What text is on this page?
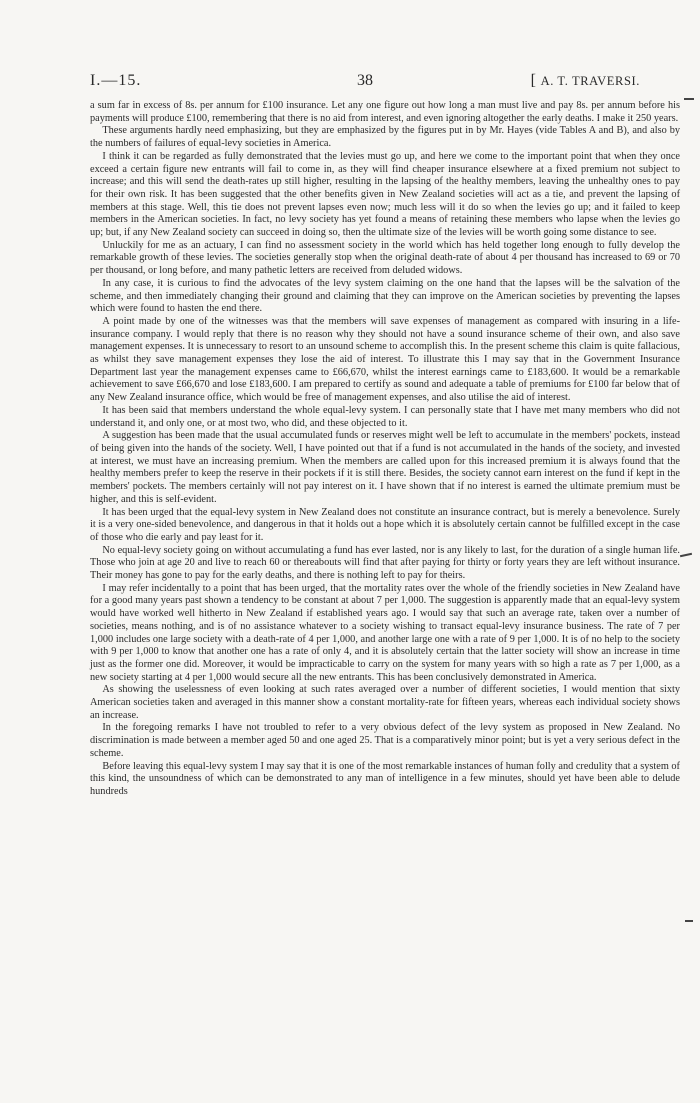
I.—15.	38
[	A. T. TRAVERSI.

a sum far in excess of 8s. per annum for £100 insurance. Let any one figure out how long a man must live and pay 8s. per annum before his payments will produce £100, remembering that there is no aid from interest, and even ignoring altogether the early deaths. I make it 250 years.

These arguments hardly need emphasizing, but they are emphasized by the figures put in by Mr. Hayes (vide Tables A and B), and also by the numbers of failures of equal-levy societies in America.

I think it can be regarded as fully demonstrated that the levies must go up, and here we come to the important point that when they once exceed a certain figure new entrants will fail to come in, as they will find cheaper insurance elsewhere at a fixed premium not subject to increase; and this will send the death-rates up still higher, resulting in the lapsing of the healthy members, leaving the unhealthy ones to pay for their own risk. It has been suggested that the other benefits given in New Zealand societies will act as a tie, and prevent the lapsing of members at this stage. Well, this tie does not prevent lapses even now; much less will it do so when the levies go up; and it failed to keep members in the American societies. In fact, no levy society has yet found a means of retaining these members who lapse when the levies go up; but, if any New Zealand society can succeed in doing so, then the ultimate size of the levies will be worth going some distance to see.

Unluckily for me as an actuary, I can find no assessment society in the world which has held together long enough to fully develop the remarkable growth of these levies. The societies generally stop when the original death-rate of about 4 per thousand has increased to 69 or 70 per thousand, or long before, and many pathetic letters are received from deluded widows.

In any case, it is curious to find the advocates of the levy system claiming on the one hand that the lapses will be the salvation of the scheme, and then immediately changing their ground and claiming that they can improve on the American societies by preventing the lapses which were found to hasten the end there.

A point made by one of the witnesses was that the members will save expenses of management as compared with insuring in a life-insurance company. I would reply that there is no reason why they should not have a sound insurance scheme of their own, and also save management expenses. It is unnecessary to resort to an unsound scheme to accomplish this. In the present scheme this claim is quite fallacious, as whilst they save management expenses they lose the aid of interest. To illustrate this I may say that in the Government Insurance Department last year the management expenses came to £66,670, whilst the interest earnings came to £183,600. It would be a remarkable achievement to save £66,670 and lose £183,600. I am prepared to certify as sound and adequate a table of premiums for £100 far below that of any New Zealand insurance office, which would be free of management expenses, and also utilise the aid of interest.

It has been said that members understand the whole equal-levy system. I can personally state that I have met many members who did not understand it, and only one, or at most two, who did, and these objected to it.

A suggestion has been made that the usual accumulated funds or reserves might well be left to accumulate in the members' pockets, instead of being given into the hands of the society. Well, I have pointed out that if a fund is not accumulated in the hands of the society, and invested at interest, we must have an increasing premium. When the members are called upon for this increased premium it is always found that the healthy members prefer to keep the reserve in their pockets if it is still there. Besides, the society cannot earn interest on the fund if kept in the members' pockets. The members certainly will not pay interest on it. I have shown that if no interest is earned the ultimate premium must be higher, and this is self-evident.

It has been urged that the equal-levy system in New Zealand does not constitute an insurance contract, but is merely a benevolence. Surely it is a very one-sided benevolence, and dangerous in that it holds out a hope which it is absolutely certain cannot be fulfilled except in the case of those who die early and pay least for it.

No equal-levy society going on without accumulating a fund has ever lasted, nor is any likely to last, for the duration of a single human life. Those who join at age 20 and live to reach 60 or thereabouts will find that after paying for thirty or forty years they are left without insurance. Their money has gone to pay for the early deaths, and there is nothing left to pay for theirs.

I may refer incidentally to a point that has been urged, that the mortality rates over the whole of the friendly societies in New Zealand have for a good many years past shown a tendency to be constant at about 7 per 1,000. The suggestion is apparently made that an equal-levy system would have worked well hitherto in New Zealand if established years ago. I would say that such an average rate, taken over a number of societies, means nothing, and is of no assistance whatever to a society wishing to transact equal-levy insurance business. The rate of 7 per 1,000 includes one large society with a death-rate of 4 per 1,000, and another large one with a rate of 9 per 1,000. It is of no help to the society with 9 per 1,000 to know that another one has a rate of only 4, and it is absolutely certain that the latter society will show an increase in time just as the former one did. Moreover, it would be impracticable to carry on the system for many years with so high a rate as 7 per 1,000, as a new society starting at 4 per 1,000 would secure all the new entrants. This has been conclusively demonstrated in America.

As showing the uselessness of even looking at such rates averaged over a number of different societies, I would mention that sixty American societies taken and averaged in this manner show a constant mortality-rate for fifteen years, whereas each individual society shows an increase.

In the foregoing remarks I have not troubled to refer to a very obvious defect of the levy system as proposed in New Zealand. No discrimination is made between a member aged 50 and one aged 25. That is a comparatively minor point; but is yet a very serious defect in the scheme.

Before leaving this equal-levy system I may say that it is one of the most remarkable instances of human folly and credulity that a system of this kind, the unsoundness of which can be demonstrated to any man of intelligence in a few minutes, should yet have been able to delude hundreds
